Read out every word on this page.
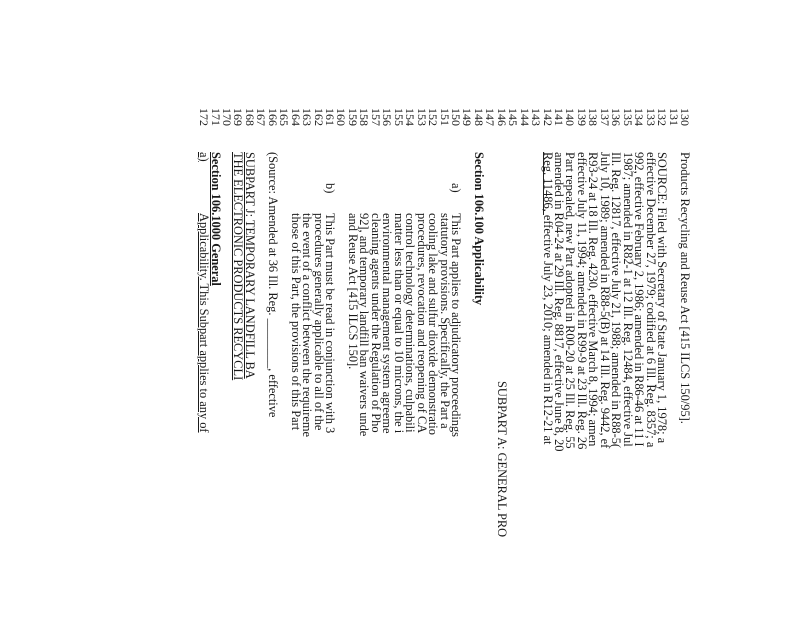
130
Products Recycling and Reuse Act [415 ILCS 150/95].
131
132
SOURCE: Filed with Secretary of State January 1, 1978; a
133
effective December 27, 1979; codified at 6 Ill. Reg. 8357; a
134
992, effective February 2, 1986; amended in R86-46 at 11 I
135
1987; amended in R82-1 at 12 Ill. Reg. 12484, effective Jul
136
Ill. Reg. 12817, effective July 21, 1988; amended in R88-5(
137
July 10, 1989; amended in R88-5(B) at 14 Ill. Reg. 9442, ef
138
R93-24 at 18 Ill. Reg. 4230, effective March 8, 1994; amen
139
effective July 11, 1994; amended in R99-9 at 23 Ill. Reg. 26
140
Part repealed, new Part adopted in R00-20 at 25 Ill. Reg. 55
141
amended in R04-24 at 29 Ill. Reg. 8817, effective June 8, 20
142
Reg. 11486, effective July 23, 2010; amended in R12-21 at
143
144
145
146
SUBPART A: GENERAL PRO
147
148
Section 106.100 Applicability
149
150
a)
This Part applies to adjudicatory proceedings
151
statutory provisions. Specifically, the Part a
152
cooling lake and sulfur dioxide demonstratio
153
procedures, revocation and reopening of CA
154
control technology determinations, culpabili
155
matter less than or equal to 10 microns, the i
156
environmental management system agreeme
157
cleaning agents under the Regulation of Pho
158
92], and temporary landfill ban waivers unde
159
and Reuse Act [415 ILCS 150].
160
161
b)
This Part must be read in conjunction with 3
162
procedures generally applicable to all of the
163
the event of a conflict between the requireme
164
those of this Part, the provisions of this Part
165
166
(Source: Amended at 36 Ill. Reg. ________, effective
167
168
SUBPART J: TEMPORARY LANDFILL BA
169
THE ELECTRONIC PRODUCTS RECYCLI
170
171
Section 106.1000 General
172
a)
Applicability. This Subpart applies to any of
